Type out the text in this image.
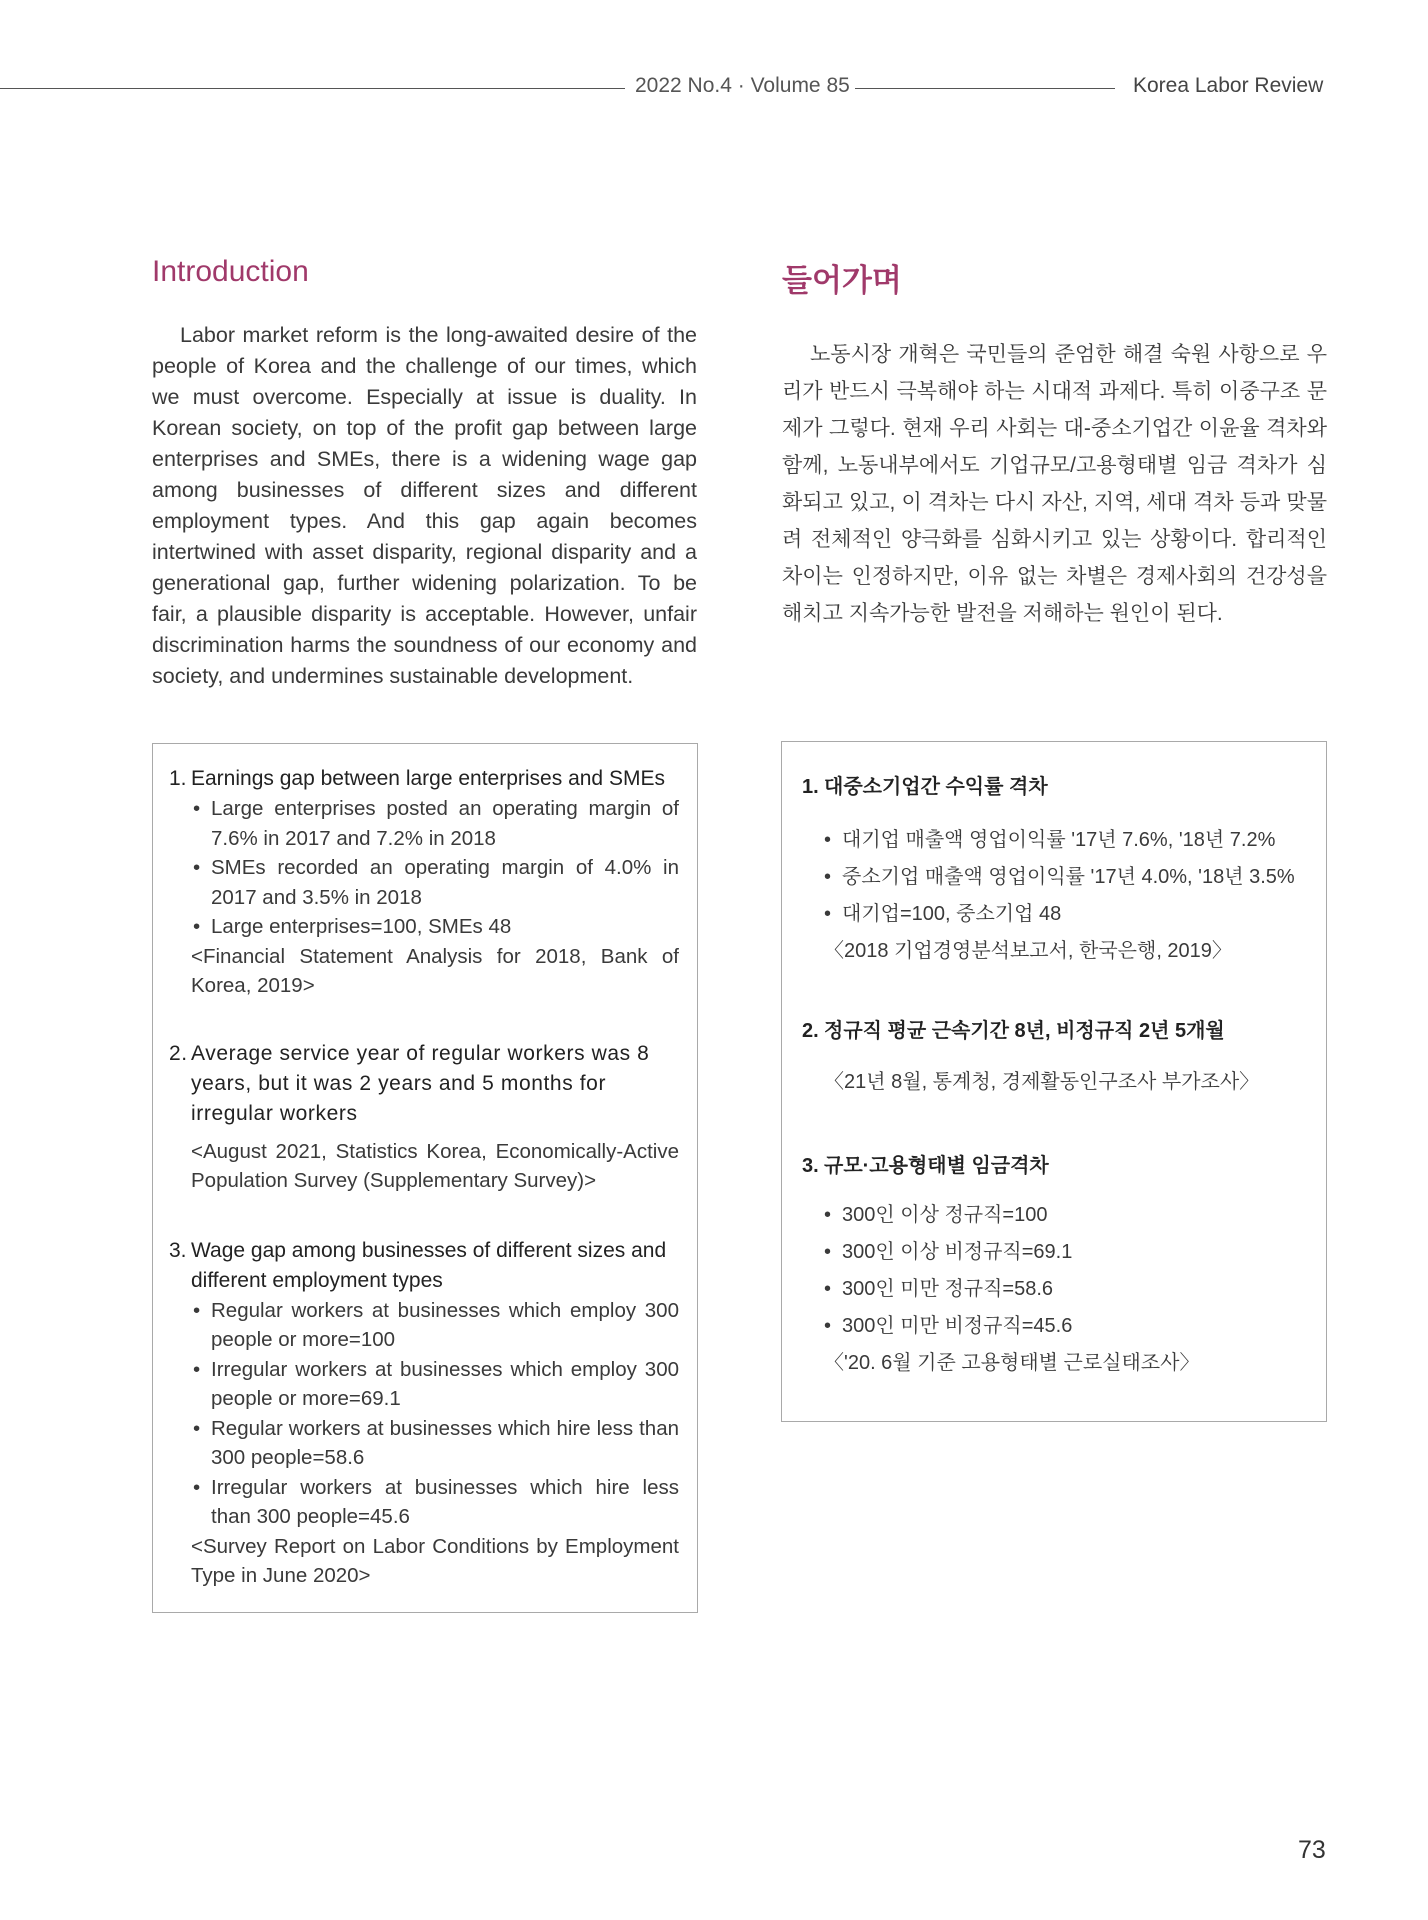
2022 No.4 · Volume 85	Korea Labor Review
Introduction

Labor market reform is the long-awaited desire of the people of Korea and the challenge of our times, which we must overcome. Especially at issue is duality. In Korean society, on top of the profit gap between large enterprises and SMEs, there is a widening wage gap among businesses of different sizes and different employment types. And this gap again becomes intertwined with asset disparity, regional disparity and a generational gap, further widening polarization. To be fair, a plausible disparity is acceptable. However, unfair discrimination harms the soundness of our economy and society, and undermines sustainable development.

들어가며

노동시장 개혁은 국민들의 준엄한 해결 숙원 사항으로 우리가 반드시 극복해야 하는 시대적 과제다. 특히 이중구조 문제가 그렇다. 현재 우리 사회는 대-중소기업간 이윤율 격차와 함께, 노동내부에서도 기업규모/고용형태별 임금 격차가 심화되고 있고, 이 격차는 다시 자산, 지역, 세대 격차 등과 맞물려 전체적인 양극화를 심화시키고 있는 상황이다. 합리적인 차이는 인정하지만, 이유 없는 차별은 경제사회의 건강성을 해치고 지속가능한 발전을 저해하는 원인이 된다.

1. Earnings gap between large enterprises and SMEs
• Large enterprises posted an operating margin of 7.6% in 2017 and 7.2% in 2018
• SMEs recorded an operating margin of 4.0% in 2017 and 3.5% in 2018
• Large enterprises=100, SMEs 48

<Financial Statement Analysis for 2018, Bank of Korea, 2019>

2. Average service year of regular workers was 8 years, but it was 2 years and 5 months for irregular workers

<August 2021, Statistics Korea, Economically-Active Population Survey (Supplementary Survey)>

3. Wage gap among businesses of different sizes and different employment types
• Regular workers at businesses which employ 300 people or more=100
• Irregular workers at businesses which employ 300 people or more=69.1
• Regular workers at businesses which hire less than 300 people=58.6
• Irregular workers at businesses which hire less than 300 people=45.6

<Survey Report on Labor Conditions by Employment Type in June 2020>

1. 대중소기업간 수익률 격차
• 대기업 매출액 영업이익률 '17년 7.6%, '18년 7.2%
• 중소기업 매출액 영업이익률 '17년 4.0%, '18년 3.5%
• 대기업=100, 중소기업 48

〈2018 기업경영분석보고서, 한국은행, 2019〉

2. 정규직 평균 근속기간 8년, 비정규직 2년 5개월

〈21년 8월, 통계청, 경제활동인구조사 부가조사〉

3. 규모·고용형태별 임금격차
• 300인 이상 정규직=100
• 300인 이상 비정규직=69.1
• 300인 미만 정규직=58.6
• 300인 미만 비정규직=45.6

〈'20. 6월 기준 고용형태별 근로실태조사〉

73
